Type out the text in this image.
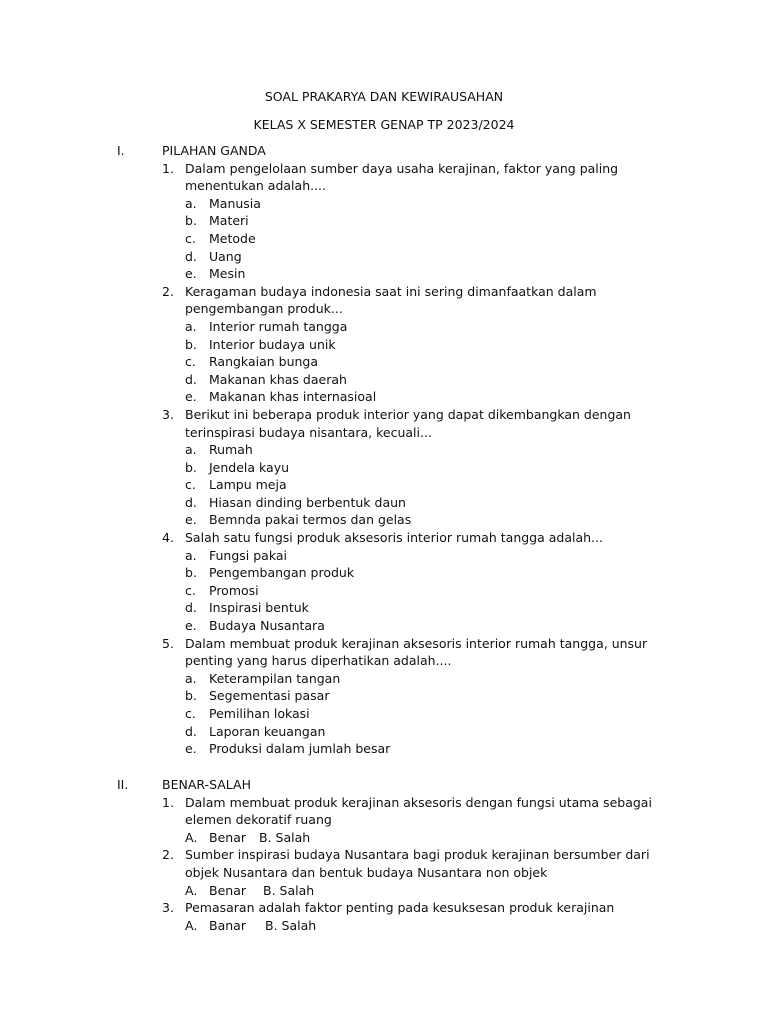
SOAL PRAKARYA DAN KEWIRAUSAHAN
KELAS X SEMESTER GENAP TP 2023/2024
I.	PILAHAN GANDA
1. Dalam pengelolaan sumber daya usaha kerajinan, faktor yang paling menentukan adalah....
a. Manusia
b. Materi
c. Metode
d. Uang
e. Mesin
2. Keragaman budaya indonesia saat ini sering dimanfaatkan dalam pengembangan produk...
a. Interior rumah tangga
b. Interior budaya unik
c. Rangkaian bunga
d. Makanan khas daerah
e. Makanan khas internasioal
3. Berikut ini beberapa produk interior yang dapat dikembangkan dengan terinspirasi budaya nisantara, kecuali...
a. Rumah
b. Jendela kayu
c. Lampu meja
d. Hiasan dinding berbentuk daun
e. Bemnda pakai termos dan gelas
4. Salah satu fungsi produk aksesoris interior rumah tangga adalah...
a. Fungsi pakai
b. Pengembangan produk
c. Promosi
d. Inspirasi bentuk
e. Budaya Nusantara
5. Dalam membuat produk kerajinan aksesoris interior rumah tangga, unsur penting yang harus diperhatikan adalah....
a. Keterampilan tangan
b. Segementasi pasar
c. Pemilihan lokasi
d. Laporan keuangan
e. Produksi dalam jumlah besar
II.	BENAR-SALAH
1. Dalam membuat produk kerajinan aksesoris dengan fungsi utama sebagai elemen dekoratif ruang
A. Benar B. Salah
2. Sumber inspirasi budaya Nusantara bagi produk kerajinan bersumber dari objek Nusantara dan bentuk budaya Nusantara non objek
A. Benar B. Salah
3. Pemasaran adalah faktor penting pada kesuksesan produk kerajinan
A. Banar B. Salah
